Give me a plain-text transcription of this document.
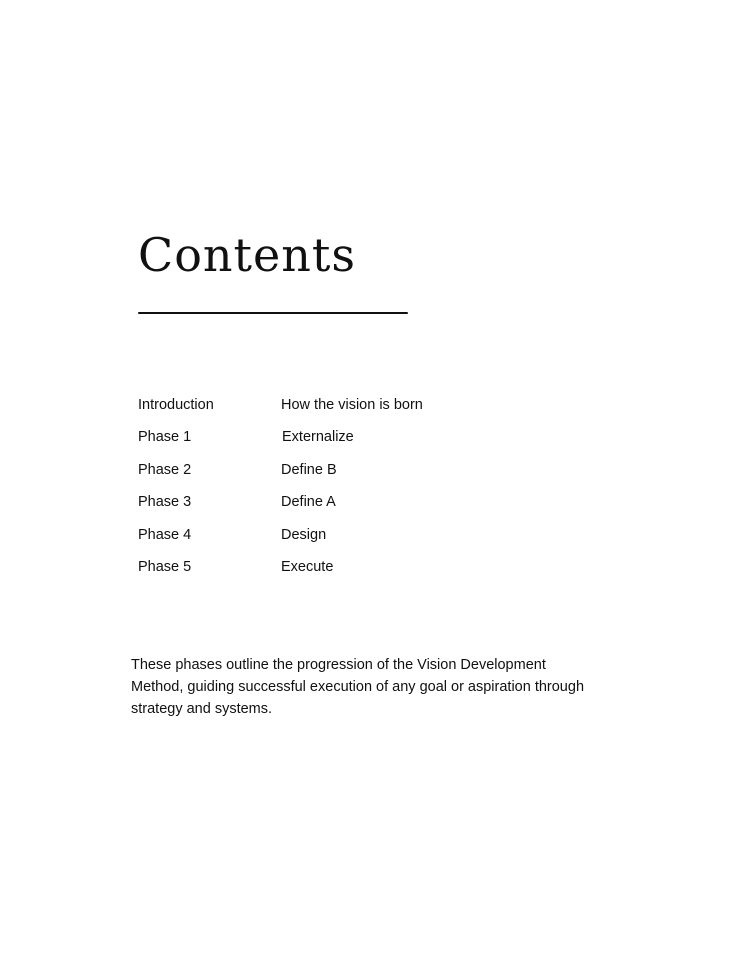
Contents
Introduction	How the vision is born
Phase 1	Externalize
Phase 2	Define B
Phase 3	Define A
Phase 4	Design
Phase 5	Execute

These phases outline the progression of the Vision Development Method, guiding successful execution of any goal or aspiration through strategy and systems.
